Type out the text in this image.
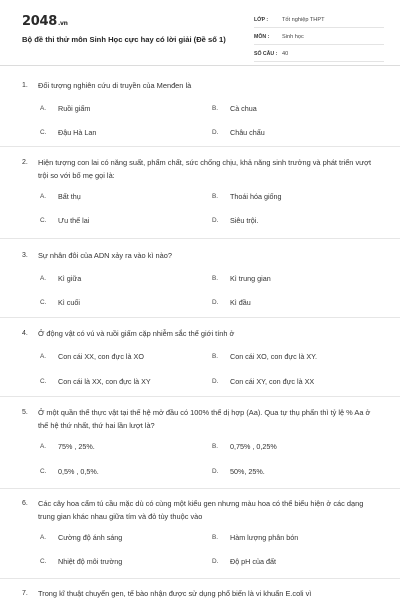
2048.vn
Bộ đề thi thử môn Sinh Học cực hay có lời giải (Đề số 1)
LỚP :	Tốt nghiệp THPT
MÔN :	Sinh học
SỐ CÂU : 40
1.	Đối tượng nghiên cứu di truyền của Menđen là
A.	Ruồi giấm	B.	Cà chua
C.	Đậu Hà Lan	D.	Châu chấu
2.	Hiện tượng con lai có năng suất, phẩm chất, sức chống chịu, khả năng sinh trưởng và phát triển vượt trội so với bố mẹ gọi là:
A.	Bất thụ	B.	Thoái hóa giống
C.	Ưu thế lai	D.	Siêu trội.
3.	Sự nhân đôi của ADN xảy ra vào kì nào?
A.	Kì giữa	B.	Kì trung gian
C.	Kì cuối	D.	Kì đầu
4.	Ở động vật có vú và ruồi giấm cặp nhiễm sắc thể giới tính ở
A.	Con cái XX, con đực là XO	B.	Con cái XO, con đực là XY.
C.	Con cái là XX, con đực là XY	D.	Con cái XY, con đực là XX
5.	Ở một quần thể thực vật tại thế hệ mở đầu có 100% thể dị hợp (Aa). Qua tự thụ phấn thì tỷ lệ % Aa ở thế hệ thứ nhất, thứ hai lần lượt là?
A.	75% , 25%.	B.	0,75% , 0,25%
C.	0,5% , 0,5%.	D.	50%, 25%.
6.	Các cây hoa cẩm tú cầu mặc dù có cùng một kiểu gen nhưng màu hoa có thể biểu hiện ở các dạng trung gian khác nhau giữa tím và đỏ tùy thuộc vào
A.	Cường độ ánh sáng	B.	Hàm lượng phân bón
C.	Nhiệt độ môi trường	D.	Độ pH của đất
7.	Trong kĩ thuật chuyển gen, tế bào nhận được sử dụng phổ biến là vi khuẩn E.coli vì
